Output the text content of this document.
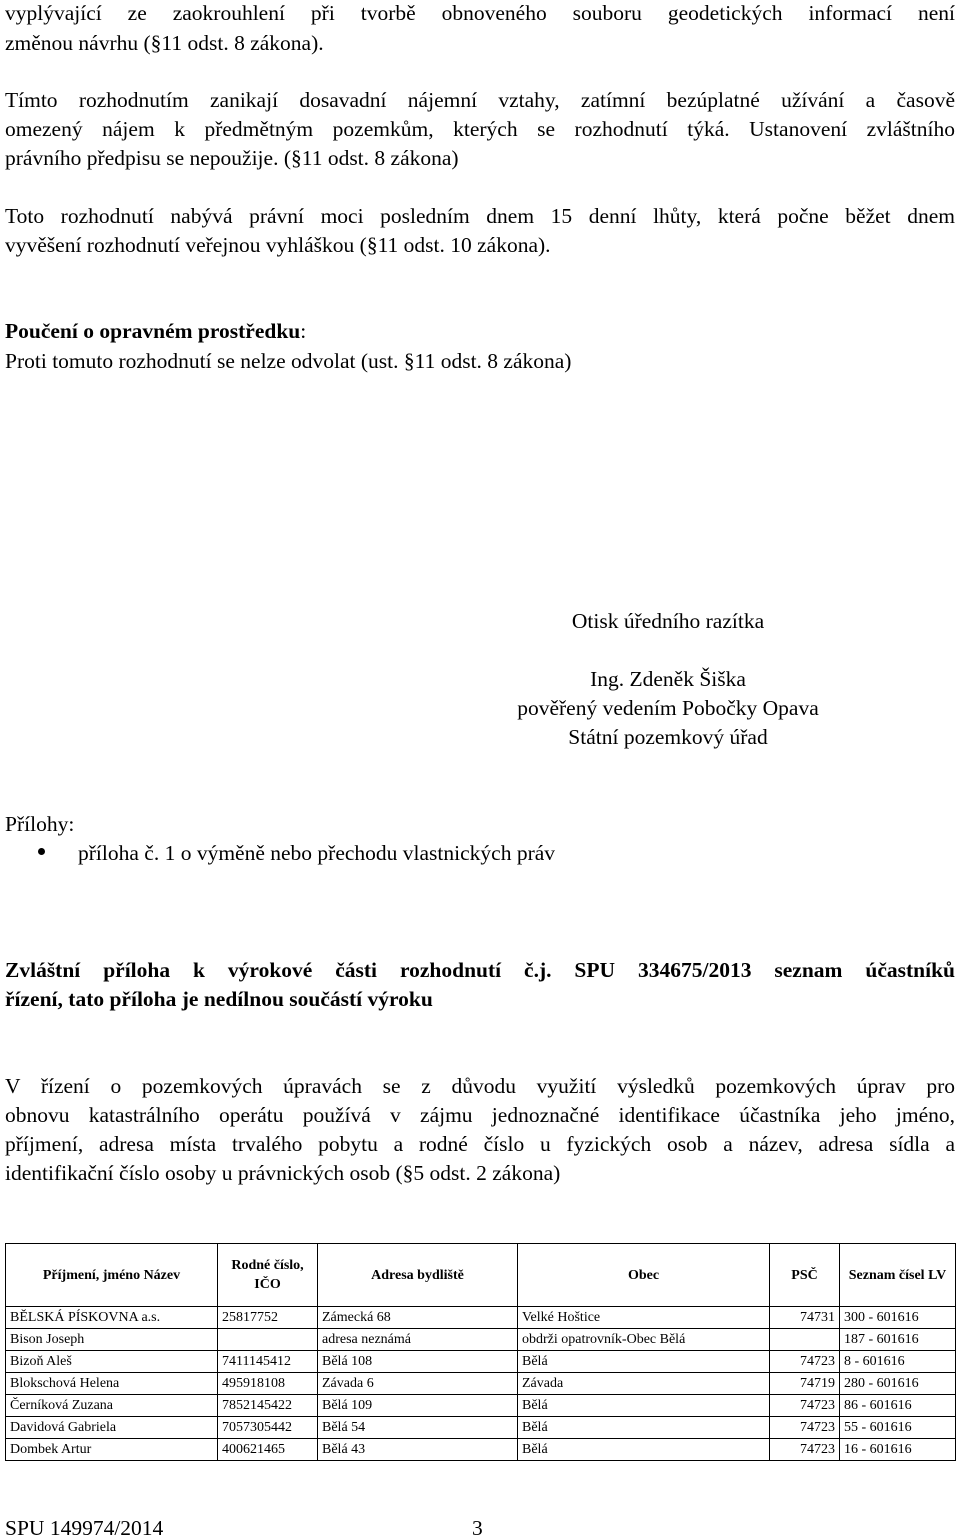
vyplývající ze zaokrouhlení při tvorbě obnoveného souboru geodetických informací není
změnou návrhu (§11 odst. 8 zákona).
Tímto rozhodnutím zanikají dosavadní nájemní vztahy, zatímní bezúplatné užívání a časově
omezený nájem k předmětným pozemkům, kterých se rozhodnutí týká. Ustanovení zvláštního
právního předpisu se nepoužije. (§11 odst. 8 zákona)
Toto rozhodnutí nabývá právní moci posledním dnem 15 denní lhůty, která počne běžet dnem
vyvěšení rozhodnutí veřejnou vyhláškou (§11 odst. 10 zákona).
Poučení o opravném prostředku:
Proti tomuto rozhodnutí se nelze odvolat (ust. §11 odst. 8 zákona)
Otisk úředního razítka
Ing. Zdeněk Šiška
pověřený vedením Pobočky Opava
Státní pozemkový úřad
Přílohy:
příloha č. 1 o výměně nebo přechodu vlastnických práv
Zvláštní příloha k výrokové části rozhodnutí č.j. SPU 334675/2013 seznam účastníků
řízení, tato příloha je nedílnou součástí výroku
V řízení o pozemkových úpravách se z důvodu využití výsledků pozemkových úprav pro
obnovu katastrálního operátu používá v zájmu jednoznačné identifikace účastníka jeho jméno,
příjmení, adresa místa trvalého pobytu a rodné číslo u fyzických osob a název, adresa sídla a
identifikační číslo osoby u právnických osob (§5 odst. 2 zákona)
Příjmení, jméno Název	Rodné číslo, IČO	Adresa bydliště	Obec	PSČ	Seznam čísel LV
BĚLSKÁ PÍSKOVNA a.s.	25817752	Zámecká 68	Velké Hoštice	74731	300 - 601616
Bison Joseph		adresa neznámá	obdrži opatrovník-Obec Bělá		187 - 601616
Bizoň Aleš	7411145412	Bělá 108	Bělá	74723	8 - 601616
Blokschová Helena	495918108	Závada 6	Závada	74719	280 - 601616
Černíková Zuzana	7852145422	Bělá 109	Bělá	74723	86 - 601616
Davidová Gabriela	7057305442	Bělá 54	Bělá	74723	55 - 601616
Dombek Artur	400621465	Bělá 43	Bělá	74723	16 - 601616
SPU 149974/2014	3
